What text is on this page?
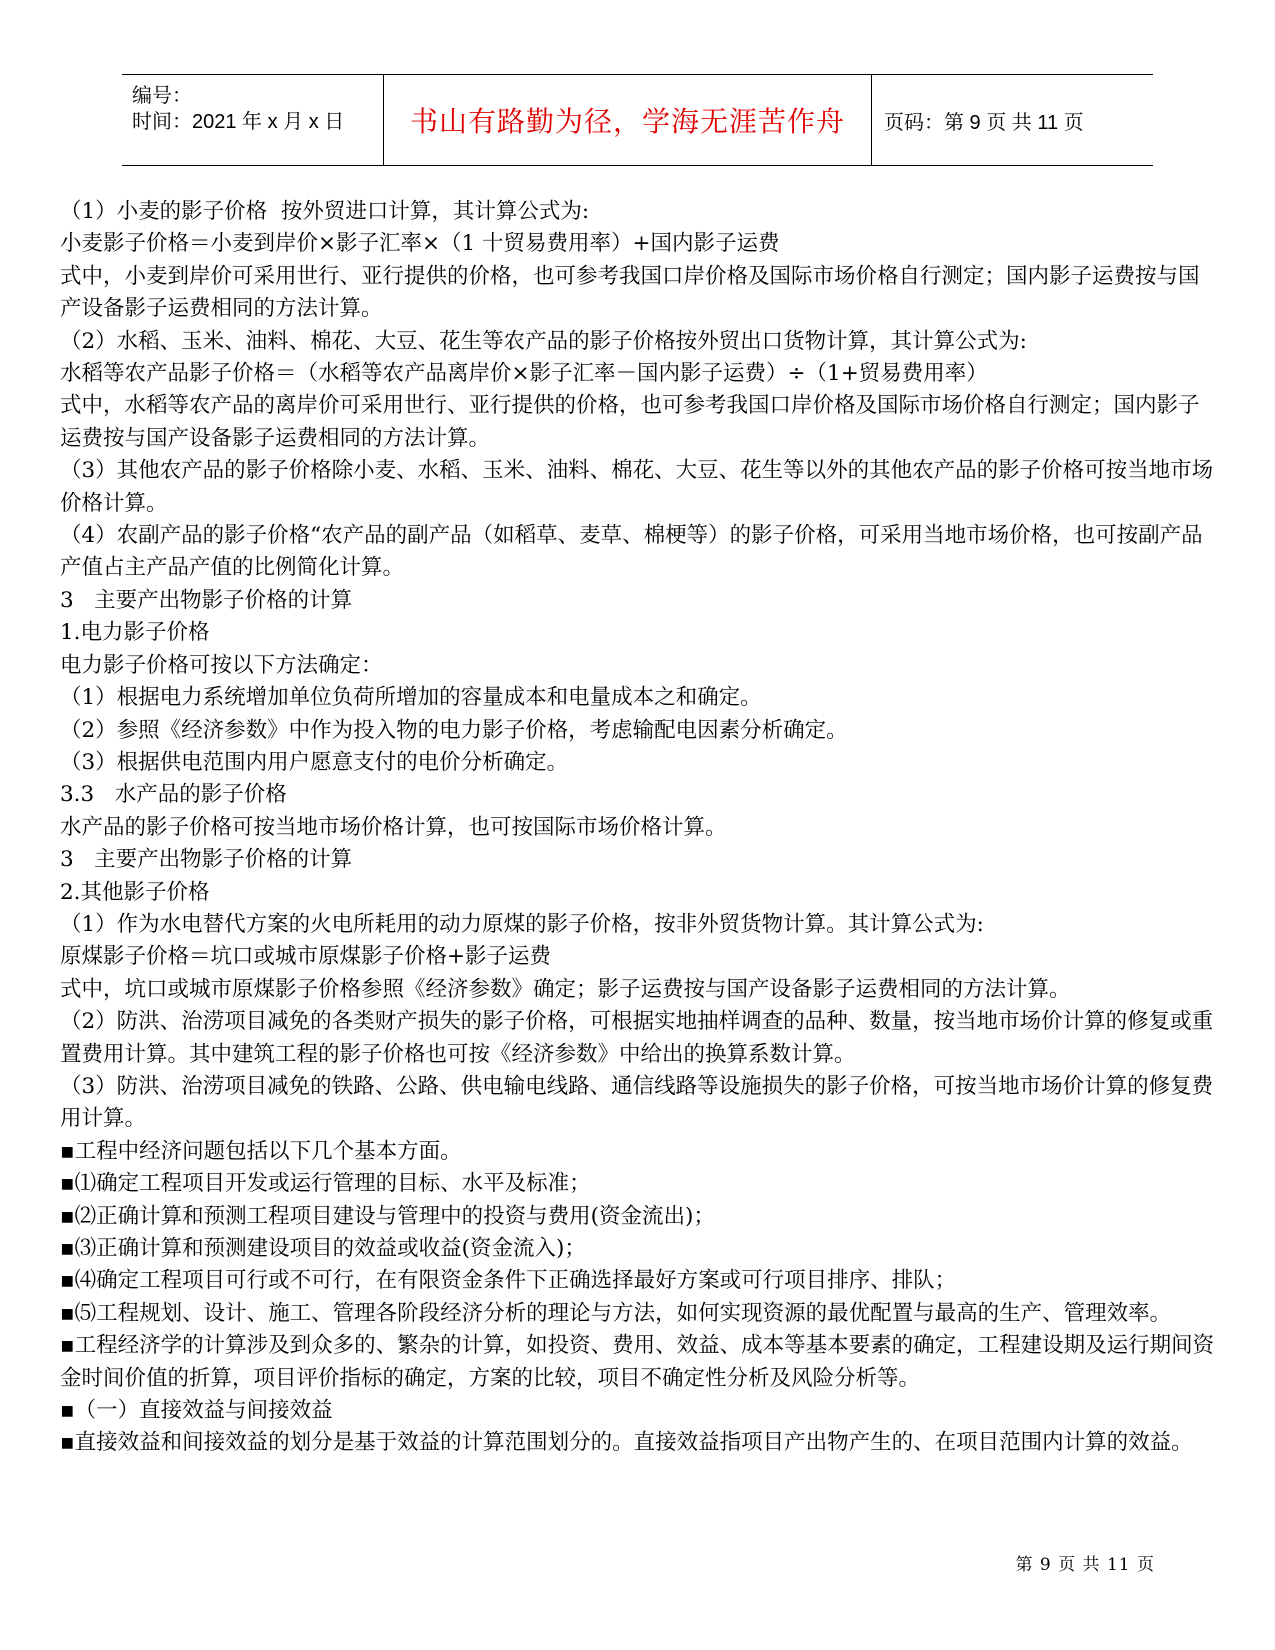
编号：
时间：2021 年 x 月 x 日	书山有路勤为径，学海无涯苦作舟	页码：第 9 页 共 11 页

（1）小麦的影子价格  按外贸进口计算，其计算公式为:

小麦影子价格＝小麦到岸价×影子汇率×（1 十贸易费用率）+国内影子运费

式中，小麦到岸价可采用世行、亚行提供的价格，也可参考我国口岸价格及国际市场价格自行测定；国内影子运费按与国产设备影子运费相同的方法计算。

（2）水稻、玉米、油料、棉花、大豆、花生等农产品的影子价格按外贸出口货物计算，其计算公式为:

水稻等农产品影子价格＝（水稻等农产品离岸价×影子汇率－国内影子运费）÷（1+贸易费用率）

式中，水稻等农产品的离岸价可采用世行、亚行提供的价格，也可参考我国口岸价格及国际市场价格自行测定；国内影子运费按与国产设备影子运费相同的方法计算。

（3）其他农产品的影子价格除小麦、水稻、玉米、油料、棉花、大豆、花生等以外的其他农产品的影子价格可按当地市场价格计算。

（4）农副产品的影子价格“农产品的副产品（如稻草、麦草、棉梗等）的影子价格，可采用当地市场价格，也可按副产品产值占主产品产值的比例简化计算。

3   主要产出物影子价格的计算

1.电力影子价格

电力影子价格可按以下方法确定：

（1）根据电力系统增加单位负荷所增加的容量成本和电量成本之和确定。

（2）参照《经济参数》中作为投入物的电力影子价格，考虑输配电因素分析确定。

（3）根据供电范围内用户愿意支付的电价分析确定。

3.3   水产品的影子价格

水产品的影子价格可按当地市场价格计算，也可按国际市场价格计算。

3   主要产出物影子价格的计算

2.其他影子价格

（1）作为水电替代方案的火电所耗用的动力原煤的影子价格，按非外贸货物计算。其计算公式为:

原煤影子价格＝坑口或城市原煤影子价格+影子运费

式中，坑口或城市原煤影子价格参照《经济参数》确定；影子运费按与国产设备影子运费相同的方法计算。

（2）防洪、治涝项目减免的各类财产损失的影子价格，可根据实地抽样调查的品种、数量，按当地市场价计算的修复或重置费用计算。其中建筑工程的影子价格也可按《经济参数》中给出的换算系数计算。

（3）防洪、治涝项目减免的铁路、公路、供电输电线路、通信线路等设施损失的影子价格，可按当地市场价计算的修复费用计算。

▪工程中经济问题包括以下几个基本方面。

▪⑴确定工程项目开发或运行管理的目标、水平及标准；

▪⑵正确计算和预测工程项目建设与管理中的投资与费用(资金流出)；

▪⑶正确计算和预测建设项目的效益或收益(资金流入)；

▪⑷确定工程项目可行或不可行，在有限资金条件下正确选择最好方案或可行项目排序、排队；

▪⑸工程规划、设计、施工、管理各阶段经济分析的理论与方法，如何实现资源的最优配置与最高的生产、管理效率。

▪工程经济学的计算涉及到众多的、繁杂的计算，如投资、费用、效益、成本等基本要素的确定，工程建设期及运行期间资金时间价值的折算，项目评价指标的确定，方案的比较，项目不确定性分析及风险分析等。

▪（一）直接效益与间接效益

▪直接效益和间接效益的划分是基于效益的计算范围划分的。直接效益指项目产出物产生的、在项目范围内计算的效益。

第 9 页 共 11 页
